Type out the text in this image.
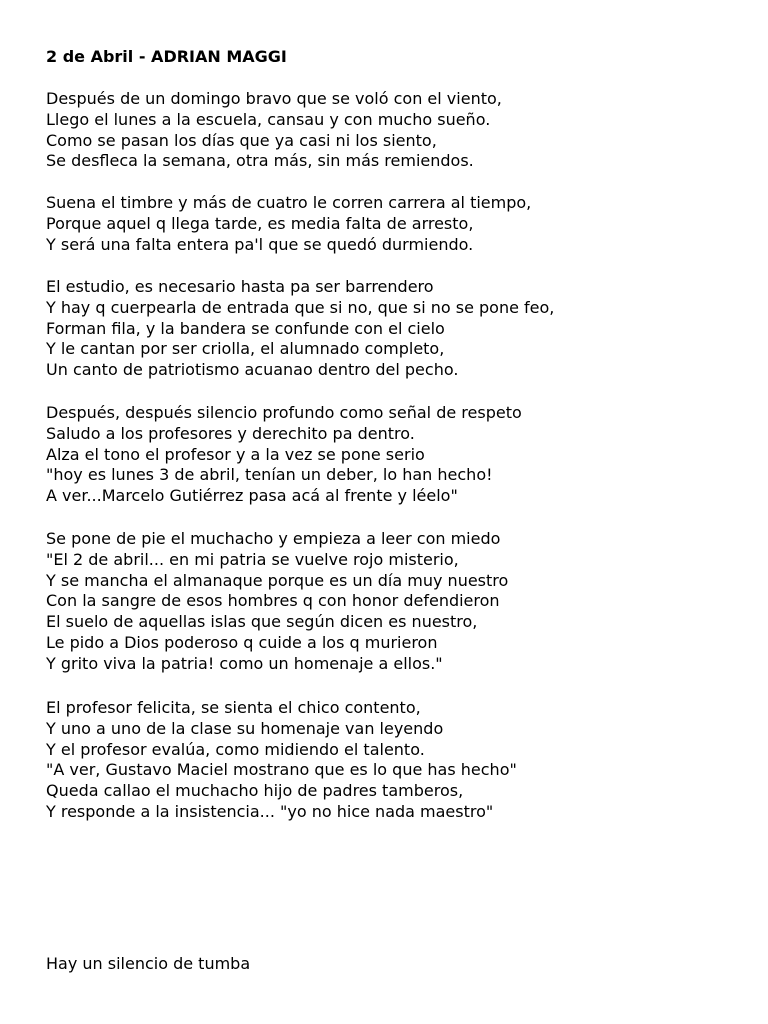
2 de Abril - ADRIAN MAGGI
Después de un domingo bravo que se voló con el viento,
Llego el lunes a la escuela, cansau y con mucho sueño.
Como se pasan los días que ya casi ni los siento,
Se desfleca la semana, otra más, sin más remiendos.
Suena el timbre y más de cuatro le corren carrera al tiempo,
Porque aquel q llega tarde, es media falta de arresto,
Y será una falta entera pa'l que se quedó durmiendo.
El estudio, es necesario hasta pa ser barrendero
Y hay q cuerpearla de entrada que si no, que si no se pone feo,
Forman fila, y la bandera se confunde con el cielo
Y le cantan por ser criolla, el alumnado completo,
Un canto de patriotismo acuanao dentro del pecho.
Después, después silencio profundo como señal de respeto
Saludo a los profesores y derechito pa dentro.
Alza el tono el profesor y a la vez se pone serio
"hoy es lunes 3 de abril, tenían un deber, lo han hecho!
A ver...Marcelo Gutiérrez pasa acá al frente y léelo"
Se pone de pie el muchacho y empieza a leer con miedo
"El 2 de abril... en mi patria se vuelve rojo misterio,
Y se mancha el almanaque porque es un día muy nuestro
Con la sangre de esos hombres q con honor defendieron
El suelo de aquellas islas que según dicen es nuestro,
Le pido a Dios poderoso q cuide a los q murieron
Y grito viva la patria! como un homenaje a ellos."
El profesor felicita, se sienta el chico contento,
Y uno a uno de la clase su homenaje van leyendo
Y el profesor evalúa, como midiendo el talento.
"A ver, Gustavo Maciel mostrano que es lo que has hecho"
Queda callao el muchacho hijo de padres tamberos,
Y responde a la insistencia... "yo no hice nada maestro"
Hay un silencio de tumba
